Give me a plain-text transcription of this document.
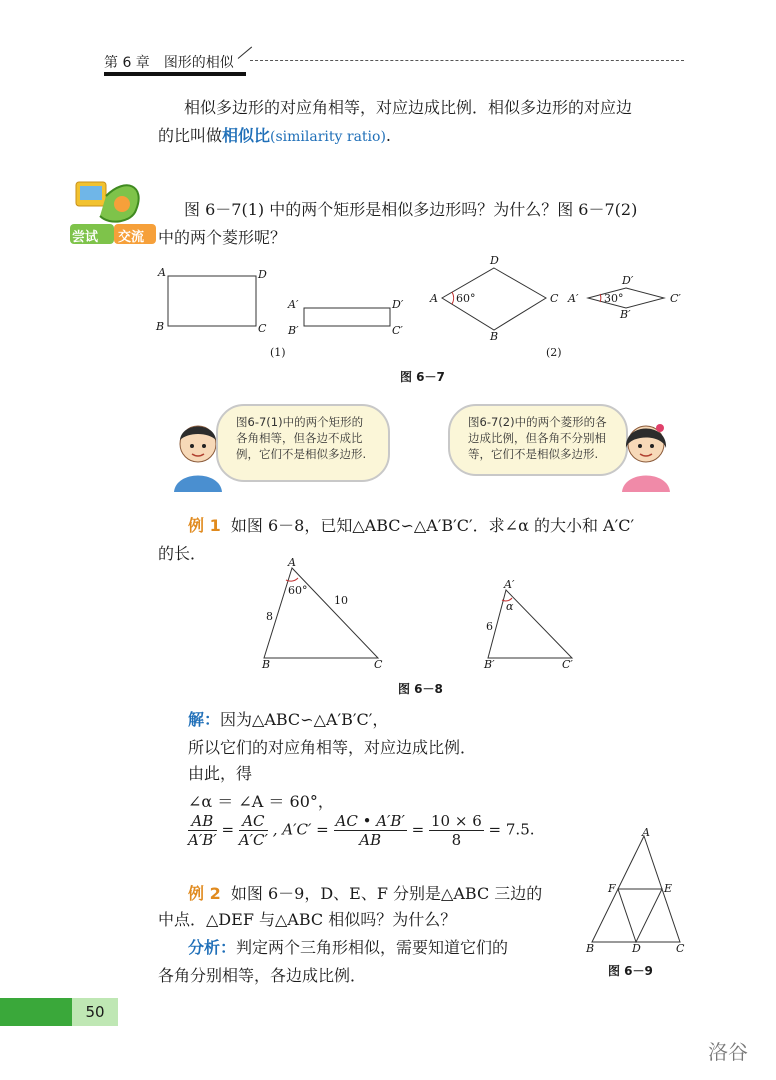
第 6 章 图形的相似

相似多边形的对应角相等，对应边成比例．相似多边形的对应边

的比叫做相似比(similarity ratio).

尝试 交流

图 6－7(1) 中的两个矩形是相似多边形吗？为什么？图 6－7(2)

中的两个菱形呢？

A	D
B	C
A′	D′
B′	C′
D
A 60°	C
B
D′
A′ 30°	C′
B′
(1)	(2)
图 6－7
图6-7(1)中的两个矩形的各角相等，但各边不成比例，它们不是相似多边形.
图6-7(2)中的两个菱形的各边成比例，但各角不分别相等，它们不是相似多边形.

例 1 如图 6－8，已知△ABC∽△A′B′C′．求∠α 的大小和 A′C′

的长．	A
60°
8
10
B	C
A′
α
6
B′	C′
图 6－8

解：因为△ABC∽△A′B′C′，

所以它们的对应角相等，对应边成比例．

由此，得

∠α ＝ ∠A ＝ 60°，

$\frac{AB}{A'B'} = \frac{AC}{A'C'}$ , $A'C' = \frac{AC • A'B'}{AB} = \frac{10 \times 6}{8} = 7.5$.

例 2 如图 6－9，D、E、F 分别是△ABC 三边的

中点．△DEF 与△ABC 相似吗？为什么？

分析：判定两个三角形相似，需要知道它们的

各角分别相等，各边成比例．

A
F	E
B	D	C
图 6－9
50
洛谷
